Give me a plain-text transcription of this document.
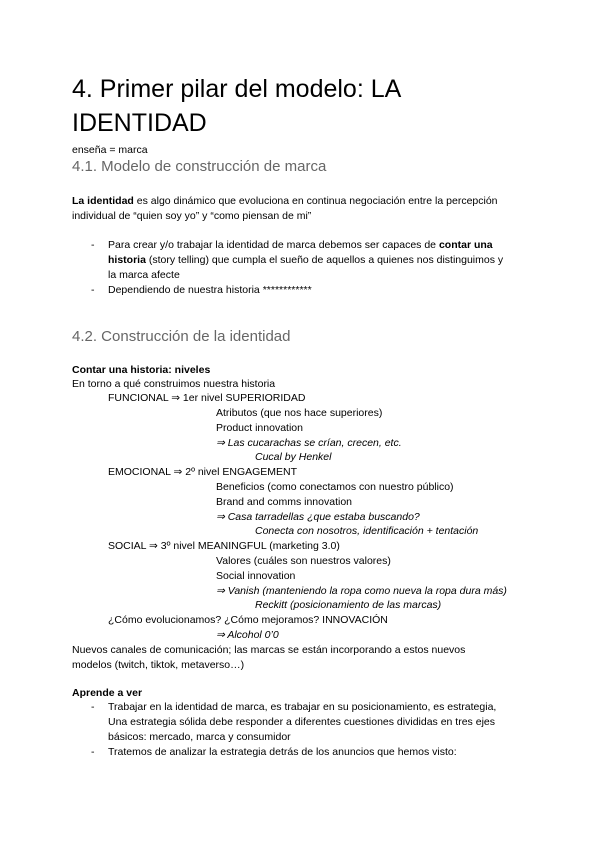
4. Primer pilar del modelo: LA
IDENTIDAD
enseña = marca
4.1. Modelo de construcción de marca
La identidad es algo dinámico que evoluciona en continua negociación entre la percepción
individual de “quien soy yo” y “como piensan de mi”
- Para crear y/o trabajar la identidad de marca debemos ser capaces de contar una
historia (story telling) que cumpla el sueño de aquellos a quienes nos distinguimos y
la marca afecte
- Dependiendo de nuestra historia ************
4.2. Construcción de la identidad
Contar una historia: niveles
En torno a qué construimos nuestra historia
FUNCIONAL ⇒ 1er nivel SUPERIORIDAD
Atributos (que nos hace superiores)
Product innovation
⇒ Las cucarachas se crían, crecen, etc.
Cucal by Henkel
EMOCIONAL ⇒ 2º nivel ENGAGEMENT
Beneficios (como conectamos con nuestro público)
Brand and comms innovation
⇒ Casa tarradellas ¿que estaba buscando?
Conecta con nosotros, identificación + tentación
SOCIAL ⇒ 3º nivel MEANINGFUL (marketing 3.0)
Valores (cuáles son nuestros valores)
Social innovation
⇒ Vanish (manteniendo la ropa como nueva la ropa dura más)
Reckitt (posicionamiento de las marcas)
¿Cómo evolucionamos? ¿Cómo mejoramos? INNOVACIÓN
⇒ Alcohol 0’0
Nuevos canales de comunicación; las marcas se están incorporando a estos nuevos
modelos (twitch, tiktok, metaverso…)
Aprende a ver
- Trabajar en la identidad de marca, es trabajar en su posicionamiento, es estrategia,
Una estrategia sólida debe responder a diferentes cuestiones divididas en tres ejes
básicos: mercado, marca y consumidor
- Tratemos de analizar la estrategia detrás de los anuncios que hemos visto:
